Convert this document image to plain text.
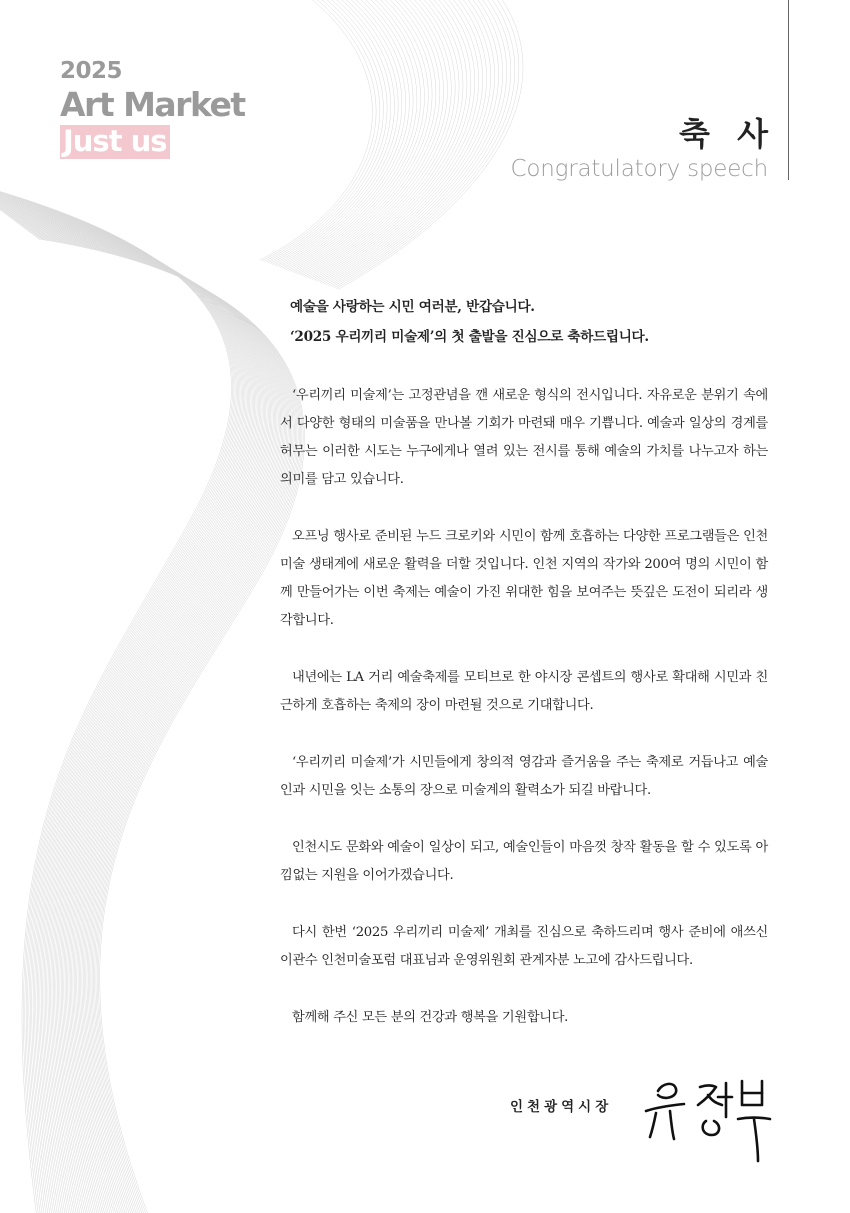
2025
Art Market
Just us	축 사
Congratulatory speech
예술을 사랑하는 시민 여러분, 반갑습니다.
‘2025 우리끼리 미술제’의 첫 출발을 진심으로 축하드립니다.

‘우리끼리 미술제’는 고정관념을 깬 새로운 형식의 전시입니다. 자유로운 분위기 속에서 다양한 형태의 미술품을 만나볼 기회가 마련돼 매우 기쁩니다. 예술과 일상의 경계를 허무는 이러한 시도는 누구에게나 열려 있는 전시를 통해 예술의 가치를 나누고자 하는 의미를 담고 있습니다.

오프닝 행사로 준비된 누드 크로키와 시민이 함께 호흡하는 다양한 프로그램들은 인천 미술 생태계에 새로운 활력을 더할 것입니다. 인천 지역의 작가와 200여 명의 시민이 함께 만들어가는 이번 축제는 예술이 가진 위대한 힘을 보여주는 뜻깊은 도전이 되리라 생각합니다.

내년에는 LA 거리 예술축제를 모티브로 한 야시장 콘셉트의 행사로 확대해 시민과 친근하게 호흡하는 축제의 장이 마련될 것으로 기대합니다.

‘우리끼리 미술제’가 시민들에게 창의적 영감과 즐거움을 주는 축제로 거듭나고 예술인과 시민을 잇는 소통의 장으로 미술계의 활력소가 되길 바랍니다.

인천시도 문화와 예술이 일상이 되고, 예술인들이 마음껏 창작 활동을 할 수 있도록 아낌없는 지원을 이어가겠습니다.

다시 한번 ‘2025 우리끼리 미술제’ 개최를 진심으로 축하드리며 행사 준비에 애쓰신 이관수 인천미술포럼 대표님과 운영위원회 관계자분 노고에 감사드립니다.

함께해 주신 모든 분의 건강과 행복을 기원합니다.

인천광역시장
